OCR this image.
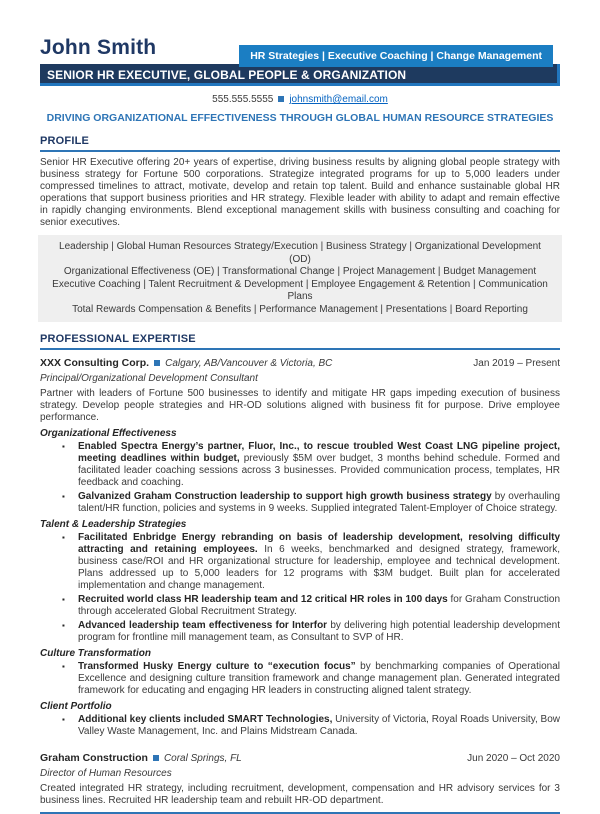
John Smith	HR Strategies | Executive Coaching | Change Management
SENIOR HR EXECUTIVE, GLOBAL PEOPLE & ORGANIZATION
555.555.5555 johnsmith@email.com
DRIVING ORGANIZATIONAL EFFECTIVENESS THROUGH GLOBAL HUMAN RESOURCE STRATEGIES
PROFILE
Senior HR Executive offering 20+ years of expertise, driving business results by aligning global people strategy with business strategy for Fortune 500 corporations. Strategize integrated programs for up to 5,000 leaders under compressed timelines to attract, motivate, develop and retain top talent. Build and enhance sustainable global HR operations that support business priorities and HR strategy. Flexible leader with ability to adapt and remain effective in rapidly changing environments. Blend exceptional management skills with business consulting and coaching for senior executives.
Leadership | Global Human Resources Strategy/Execution | Business Strategy | Organizational Development (OD)
Organizational Effectiveness (OE) | Transformational Change | Project Management | Budget Management
Executive Coaching | Talent Recruitment & Development | Employee Engagement & Retention | Communication Plans
Total Rewards Compensation & Benefits | Performance Management | Presentations | Board Reporting
PROFESSIONAL EXPERTISE
XXX Consulting Corp. Calgary, AB/Vancouver & Victoria, BC	Jan 2019 – Present
Principal/Organizational Development Consultant
Partner with leaders of Fortune 500 businesses to identify and mitigate HR gaps impeding execution of business strategy. Develop people strategies and HR-OD solutions aligned with business fit for purpose. Drive employee performance.
Organizational Effectiveness
▪ Enabled Spectra Energy’s partner, Fluor, Inc., to rescue troubled West Coast LNG pipeline project, meeting deadlines within budget, previously $5M over budget, 3 months behind schedule. Formed and facilitated leader coaching sessions across 3 businesses. Provided communication process, templates, HR feedback and coaching.
▪ Galvanized Graham Construction leadership to support high growth business strategy by overhauling talent/HR function, policies and systems in 9 weeks. Supplied integrated Talent-Employer of Choice strategy.
Talent & Leadership Strategies
▪ Facilitated Enbridge Energy rebranding on basis of leadership development, resolving difficulty attracting and retaining employees. In 6 weeks, benchmarked and designed strategy, framework, business case/ROI and HR organizational structure for leadership, employee and technical development. Plans addressed up to 5,000 leaders for 12 programs with $3M budget. Built plan for accelerated implementation and change management.
▪ Recruited world class HR leadership team and 12 critical HR roles in 100 days for Graham Construction through accelerated Global Recruitment Strategy.
▪ Advanced leadership team effectiveness for Interfor by delivering high potential leadership development program for frontline mill management team, as Consultant to SVP of HR.
Culture Transformation
▪ Transformed Husky Energy culture to “execution focus” by benchmarking companies of Operational Excellence and designing culture transition framework and change management plan. Generated integrated framework for educating and engaging HR leaders in constructing aligned talent strategy.
Client Portfolio
▪ Additional key clients included SMART Technologies, University of Victoria, Royal Roads University, Bow Valley Waste Management, Inc. and Plains Midstream Canada.
Graham Construction Coral Springs, FL	Jun 2020 – Oct 2020
Director of Human Resources
Created integrated HR strategy, including recruitment, development, compensation and HR advisory services for 3 business lines. Recruited HR leadership team and rebuilt HR-OD department.
